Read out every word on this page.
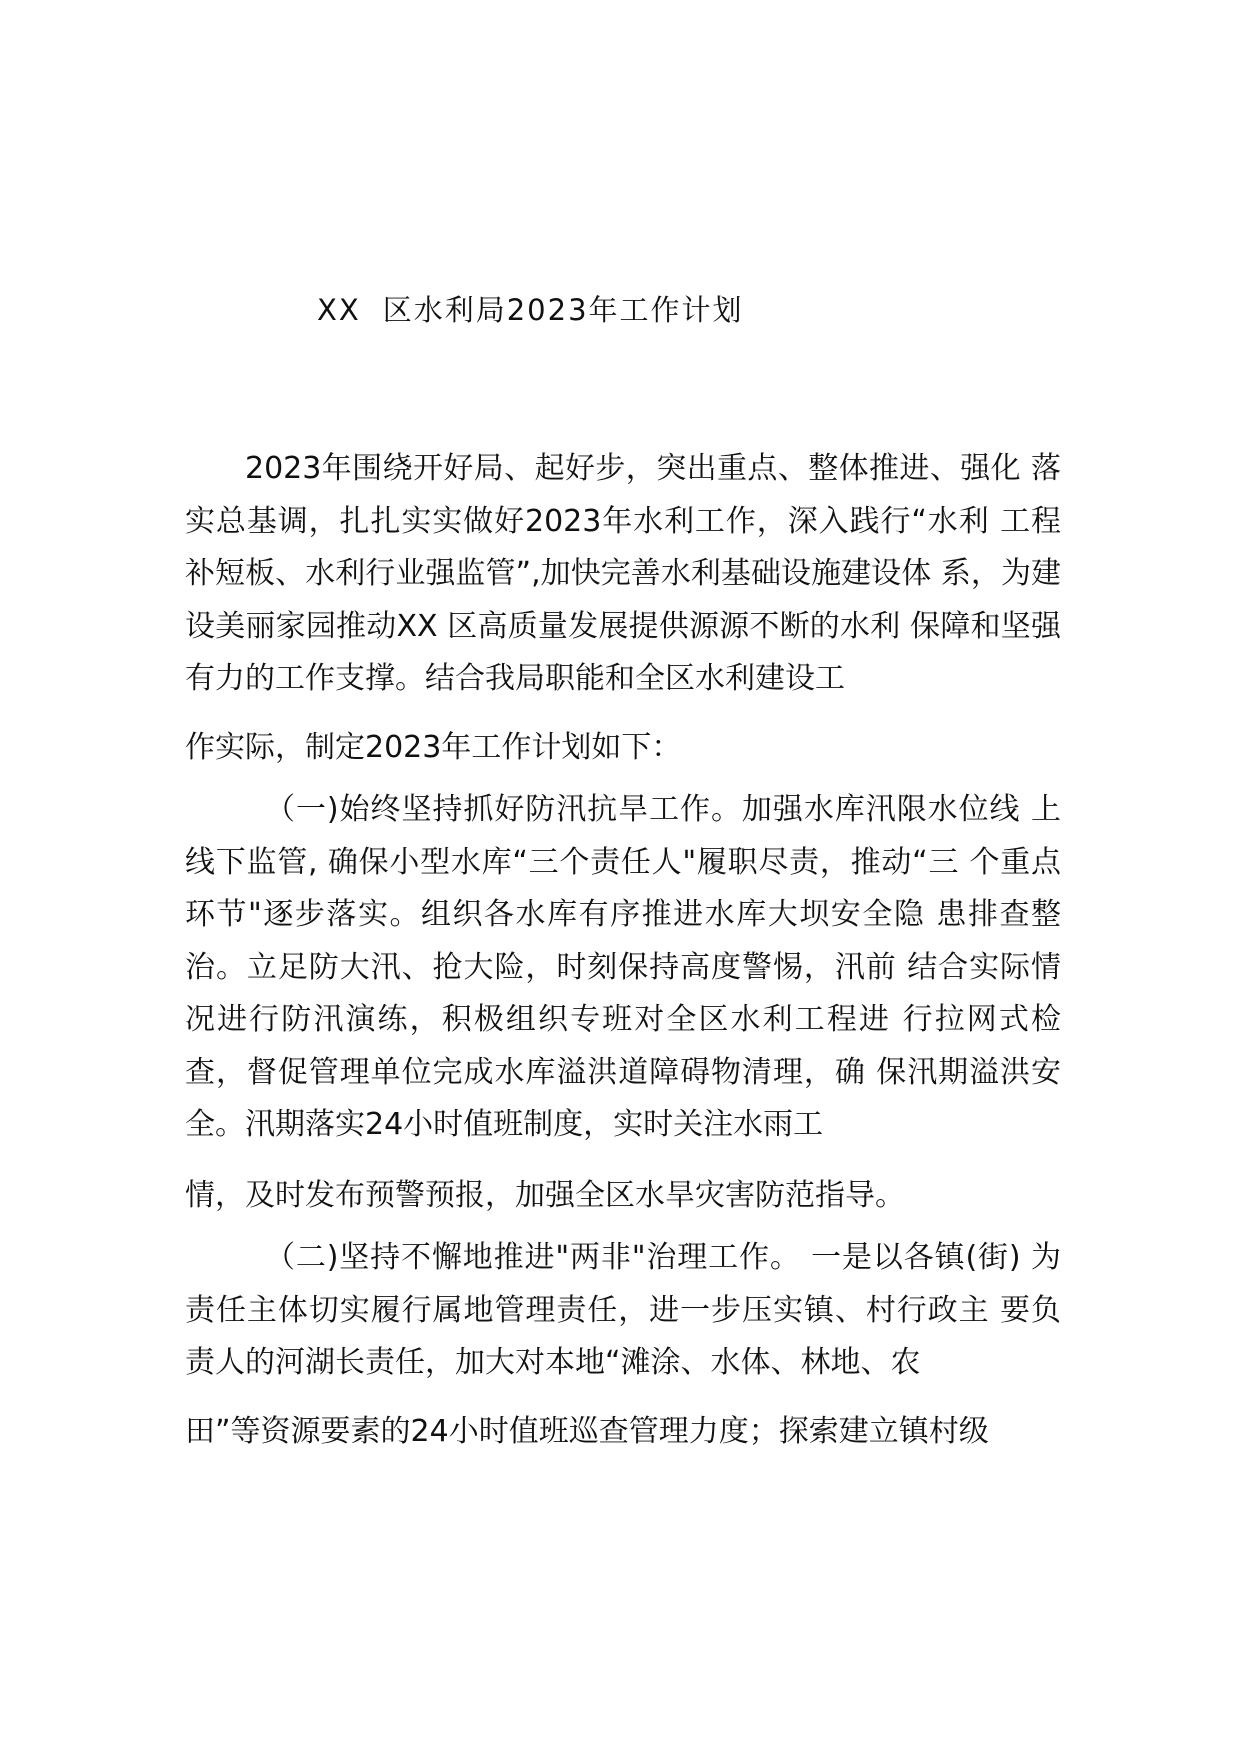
XX 区水利局2023年工作计划

2023年围绕开好局、起好步，突出重点、整体推进、强化 落实总基调，扎扎实实做好2023年水利工作，深入践行“水利 工程补短板、水利行业强监管”,加快完善水利基础设施建设体 系，为建设美丽家园推动XX 区高质量发展提供源源不断的水利 保障和坚强有力的工作支撑。结合我局职能和全区水利建设工

作实际，制定2023年工作计划如下：

（一)始终坚持抓好防汛抗旱工作。加强水库汛限水位线 上线下监管, 确保小型水库“三个责任人"履职尽责，推动“三 个重点环节"逐步落实。组织各水库有序推进水库大坝安全隐 患排查整治。立足防大汛、抢大险，时刻保持高度警惕，汛前 结合实际情况进行防汛演练，积极组织专班对全区水利工程进 行拉网式检查，督促管理单位完成水库溢洪道障碍物清理，确 保汛期溢洪安全。汛期落实24小时值班制度，实时关注水雨工

情，及时发布预警预报，加强全区水旱灾害防范指导。

（二)坚持不懈地推进"两非"治理工作。 一是以各镇(街) 为责任主体切实履行属地管理责任，进一步压实镇、村行政主 要负责人的河湖长责任，加大对本地“滩涂、水体、林地、农

田”等资源要素的24小时值班巡查管理力度；探索建立镇村级
